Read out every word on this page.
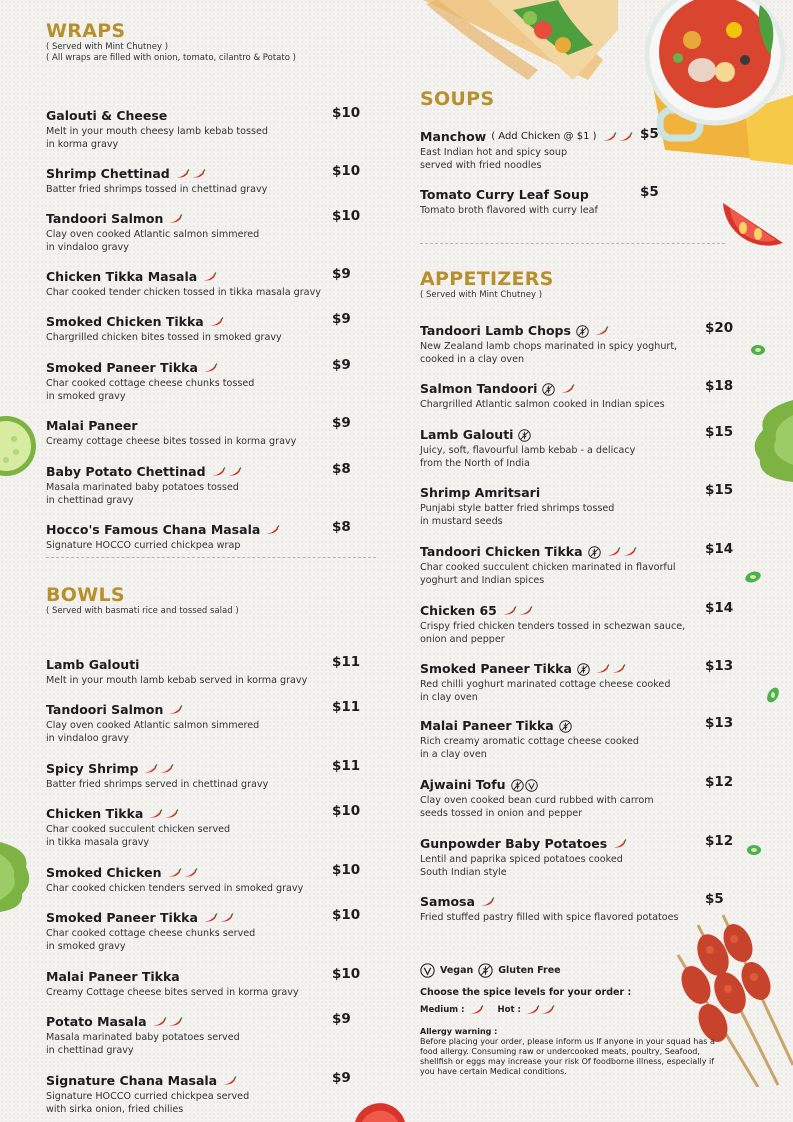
WRAPS
( Served with Mint Chutney )
( All wraps are filled with onion, tomato, cilantro & Potato )
Galouti & Cheese	$10
Melt in your mouth cheesy lamb kebab tossed
in korma gravy
Shrimp Chettinad	$10
Batter fried shrimps tossed in chettinad gravy
Tandoori Salmon	$10
Clay oven cooked Atlantic salmon simmered
in vindaloo gravy
Chicken Tikka Masala	$9
Char cooked tender chicken tossed in tikka masala gravy
Smoked Chicken Tikka	$9
Chargrilled chicken bites tossed in smoked gravy
Smoked Paneer Tikka	$9
Char cooked cottage cheese chunks tossed
in smoked gravy
Malai Paneer	$9
Creamy cottage cheese bites tossed in korma gravy
Baby Potato Chettinad	$8
Masala marinated baby potatoes tossed
in chettinad gravy
Hocco's Famous Chana Masala	$8
Signature HOCCO curried chickpea wrap
BOWLS
( Served with basmati rice and tossed salad )
Lamb Galouti	$11
Melt in your mouth lamb kebab served in korma gravy
Tandoori Salmon	$11
Clay oven cooked Atlantic salmon simmered
in vindaloo gravy
Spicy Shrimp	$11
Batter fried shrimps served in chettinad gravy
Chicken Tikka	$10
Char cooked succulent chicken served
in tikka masala gravy
Smoked Chicken	$10
Char cooked chicken tenders served in smoked gravy
Smoked Paneer Tikka	$10
Char cooked cottage cheese chunks served
in smoked gravy
Malai Paneer Tikka	$10
Creamy Cottage cheese bites served in korma gravy
Potato Masala	$9
Masala marinated baby potatoes served
in chettinad gravy
Signature Chana Masala	$9
Signature HOCCO curried chickpea served
with sirka onion, fried chilies
SOUPS
Manchow ( Add Chicken @ $1 )	$5
East Indian hot and spicy soup
served with fried noodles
Tomato Curry Leaf Soup	$5
Tomato broth flavored with curry leaf
APPETIZERS
( Served with Mint Chutney )
Tandoori Lamb Chops	$20
New Zealand lamb chops marinated in spicy yoghurt,
cooked in a clay oven
Salmon Tandoori	$18
Chargrilled Atlantic salmon cooked in Indian spices
Lamb Galouti	$15
Juicy, soft, flavourful lamb kebab - a delicacy
from the North of India
Shrimp Amritsari	$15
Punjabi style batter fried shrimps tossed
in mustard seeds
Tandoori Chicken Tikka	$14
Char cooked succulent chicken marinated in flavorful
yoghurt and Indian spices
Chicken 65	$14
Crispy fried chicken tenders tossed in schezwan sauce,
onion and pepper
Smoked Paneer Tikka	$13
Red chilli yoghurt marinated cottage cheese cooked
in clay oven
Malai Paneer Tikka	$13
Rich creamy aromatic cottage cheese cooked
in a clay oven
Ajwaini Tofu	$12
Clay oven cooked bean curd rubbed with carrom
seeds tossed in onion and pepper
Gunpowder Baby Potatoes	$12
Lentil and paprika spiced potatoes cooked
South Indian style
Samosa	$5
Fried stuffed pastry filled with spice flavored potatoes
Vegan	Gluten Free
Choose the spice levels for your order :
Medium :	Hot :
Allergy warning :
Before placing your order, please inform us If anyone in your squad has a food allergy. Consuming raw or undercooked meats, poultry, Seafood, shellfish or eggs may increase your risk Of foodborne illness, especially if you have certain Medical conditions.
